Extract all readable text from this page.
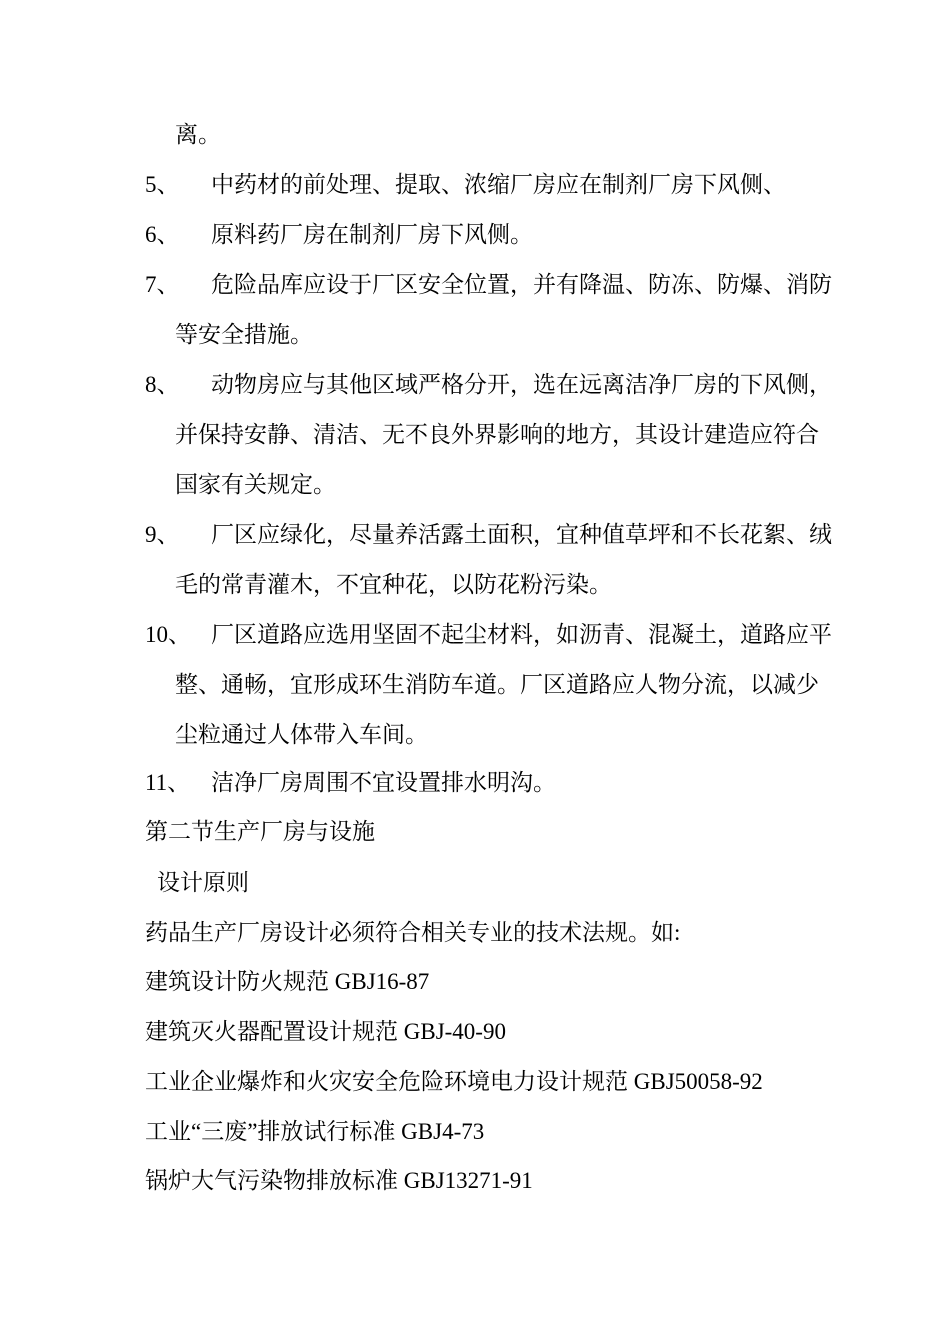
离。
5、 中药材的前处理、提取、浓缩厂房应在制剂厂房下风侧、
6、 原料药厂房在制剂厂房下风侧。
7、 危险品库应设于厂区安全位置，并有降温、防冻、防爆、消防
等安全措施。
8、 动物房应与其他区域严格分开，选在远离洁净厂房的下风侧，
并保持安静、清洁、无不良外界影响的地方，其设计建造应符合
国家有关规定。
9、 厂区应绿化，尽量养活露土面积，宜种值草坪和不长花絮、绒
毛的常青灌木，不宜种花，以防花粉污染。
10、 厂区道路应选用坚固不起尘材料，如沥青、混凝土，道路应平
整、通畅，宜形成环生消防车道。厂区道路应人物分流，以减少
尘粒通过人体带入车间。
11、 洁净厂房周围不宜设置排水明沟。
第二节生产厂房与设施
设计原则
药品生产厂房设计必须符合相关专业的技术法规。如:
建筑设计防火规范 GBJ16-87
建筑灭火器配置设计规范 GBJ-40-90
工业企业爆炸和火灾安全危险环境电力设计规范 GBJ50058-92
工业“三废”排放试行标准 GBJ4-73
锅炉大气污染物排放标准 GBJ13271-91
